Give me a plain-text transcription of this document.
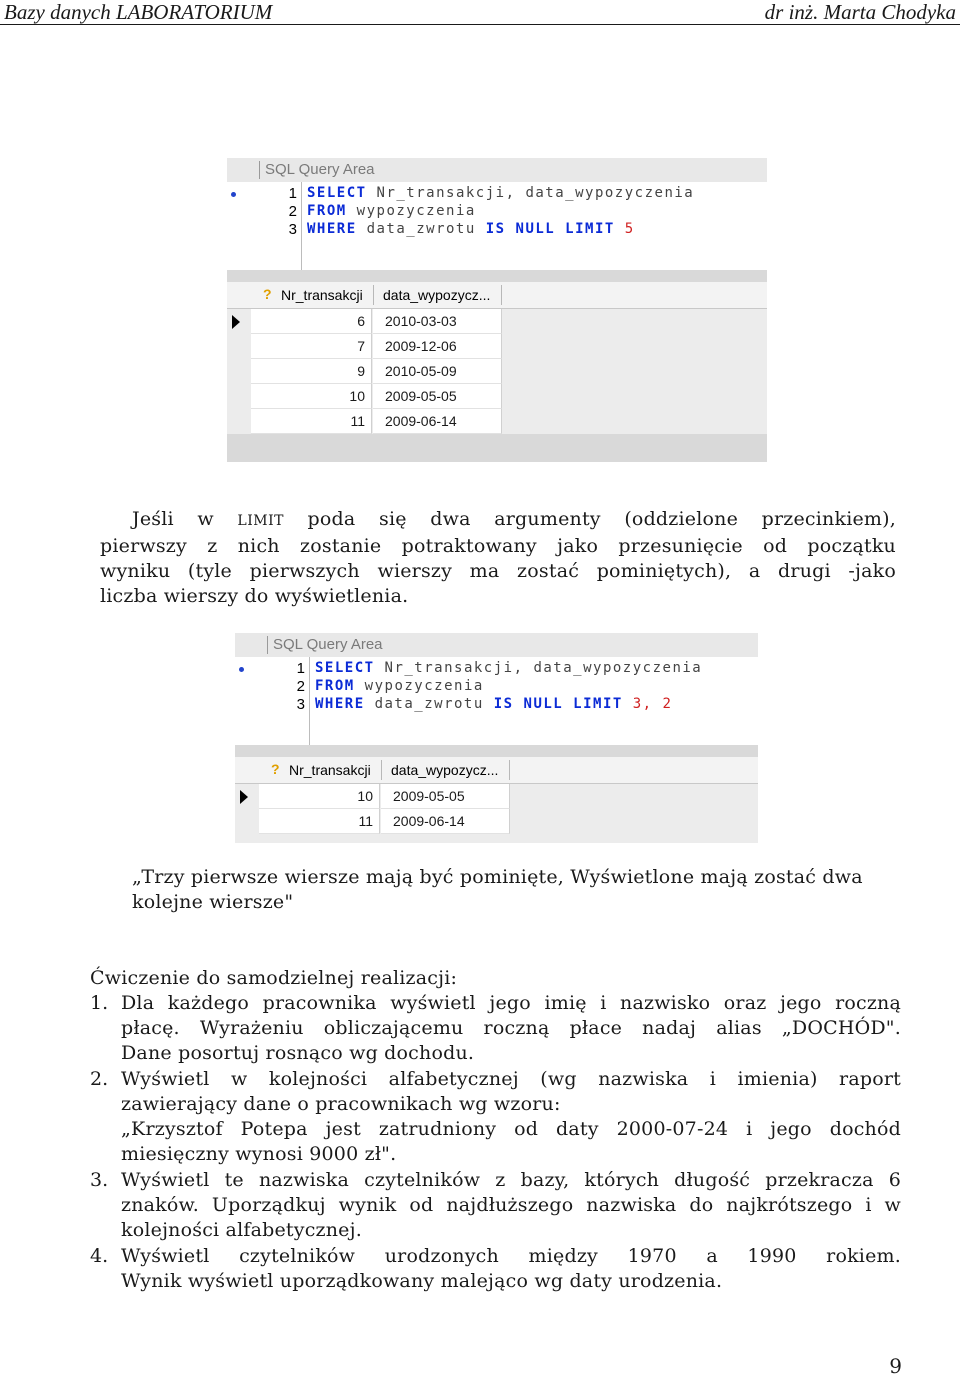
Bazy danych LABORATORIUM	dr inż. Marta Chodyka
SQL Query Area
1
2
3
SELECT Nr_transakcji, data_wypozyczenia
FROM wypozyczenia
WHERE data_zwrotu IS NULL LIMIT 5
? Nr_transakcji data_wypozycz...
6 2010-03-03
7 2009-12-06
9 2010-05-09
10 2009-05-05
11 2009-06-14
Jeśli w LIMIT poda się dwa argumenty (oddzielone przecinkiem),
pierwszy z nich zostanie potraktowany jako przesunięcie od początku
wyniku (tyle pierwszych wierszy ma zostać pominiętych), a drugi -jako
liczba wierszy do wyświetlenia.
SQL Query Area
1
2
3
SELECT Nr_transakcji, data_wypozyczenia
FROM wypozyczenia
WHERE data_zwrotu IS NULL LIMIT 3, 2
? Nr_transakcji data_wypozycz...
10 2009-05-05
11 2009-06-14
„Trzy pierwsze wiersze mają być pominięte, Wyświetlone mają zostać dwa
kolejne wiersze"
Ćwiczenie do samodzielnej realizacji:
1. Dla każdego pracownika wyświetl jego imię i nazwisko oraz jego roczną
płacę. Wyrażeniu obliczającemu roczną płace nadaj alias „DOCHÓD".
Dane posortuj rosnąco wg dochodu.
2. Wyświetl w kolejności alfabetycznej (wg nazwiska i imienia) raport
zawierający dane o pracownikach wg wzoru:
„Krzysztof Potepa jest zatrudniony od daty 2000-07-24 i jego dochód
miesięczny wynosi 9000 zł".
3. Wyświetl te nazwiska czytelników z bazy, których długość przekracza 6
znaków. Uporządkuj wynik od najdłuższego nazwiska do najkrótszego i w
kolejności alfabetycznej.
4. Wyświetl czytelników urodzonych między 1970 a 1990 rokiem.
Wynik wyświetl uporządkowany malejąco wg daty urodzenia.
9
